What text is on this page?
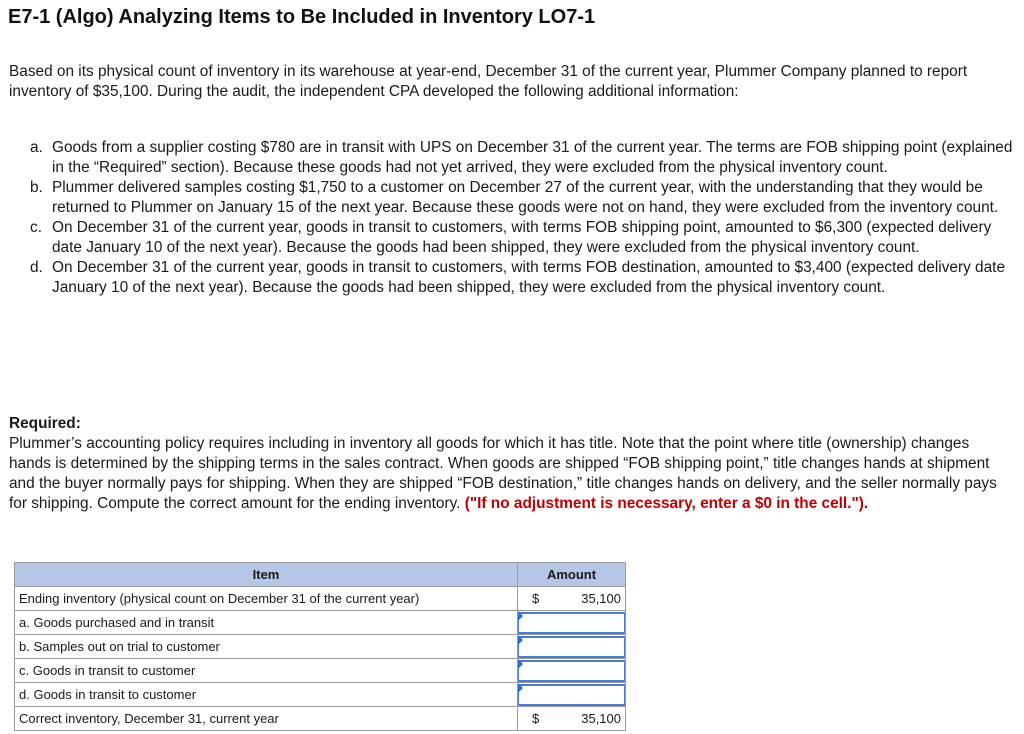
E7-1 (Algo) Analyzing Items to Be Included in Inventory LO7-1

Based on its physical count of inventory in its warehouse at year-end, December 31 of the current year, Plummer Company planned to report inventory of $35,100. During the audit, the independent CPA developed the following additional information:

a. Goods from a supplier costing $780 are in transit with UPS on December 31 of the current year. The terms are FOB shipping point (explained in the “Required” section). Because these goods had not yet arrived, they were excluded from the physical inventory count.
b. Plummer delivered samples costing $1,750 to a customer on December 27 of the current year, with the understanding that they would be returned to Plummer on January 15 of the next year. Because these goods were not on hand, they were excluded from the inventory count.
c. On December 31 of the current year, goods in transit to customers, with terms FOB shipping point, amounted to $6,300 (expected delivery date January 10 of the next year). Because the goods had been shipped, they were excluded from the physical inventory count.
d. On December 31 of the current year, goods in transit to customers, with terms FOB destination, amounted to $3,400 (expected delivery date January 10 of the next year). Because the goods had been shipped, they were excluded from the physical inventory count.

Required:

Plummer’s accounting policy requires including in inventory all goods for which it has title. Note that the point where title (ownership) changes hands is determined by the shipping terms in the sales contract. When goods are shipped “FOB shipping point,” title changes hands at shipment and the buyer normally pays for shipping. When they are shipped “FOB destination,” title changes hands on delivery, and the seller normally pays for shipping. Compute the correct amount for the ending inventory. ("If no adjustment is necessary, enter a $0 in the cell.").

Item	Amount
Ending inventory (physical count on December 31 of the current year)	$ 35,100

a. Goods purchased and in transit	

b. Samples out on trial to customer	

c. Goods in transit to customer	

d. Goods in transit to customer	

Correct inventory, December 31, current year	$ 35,100
